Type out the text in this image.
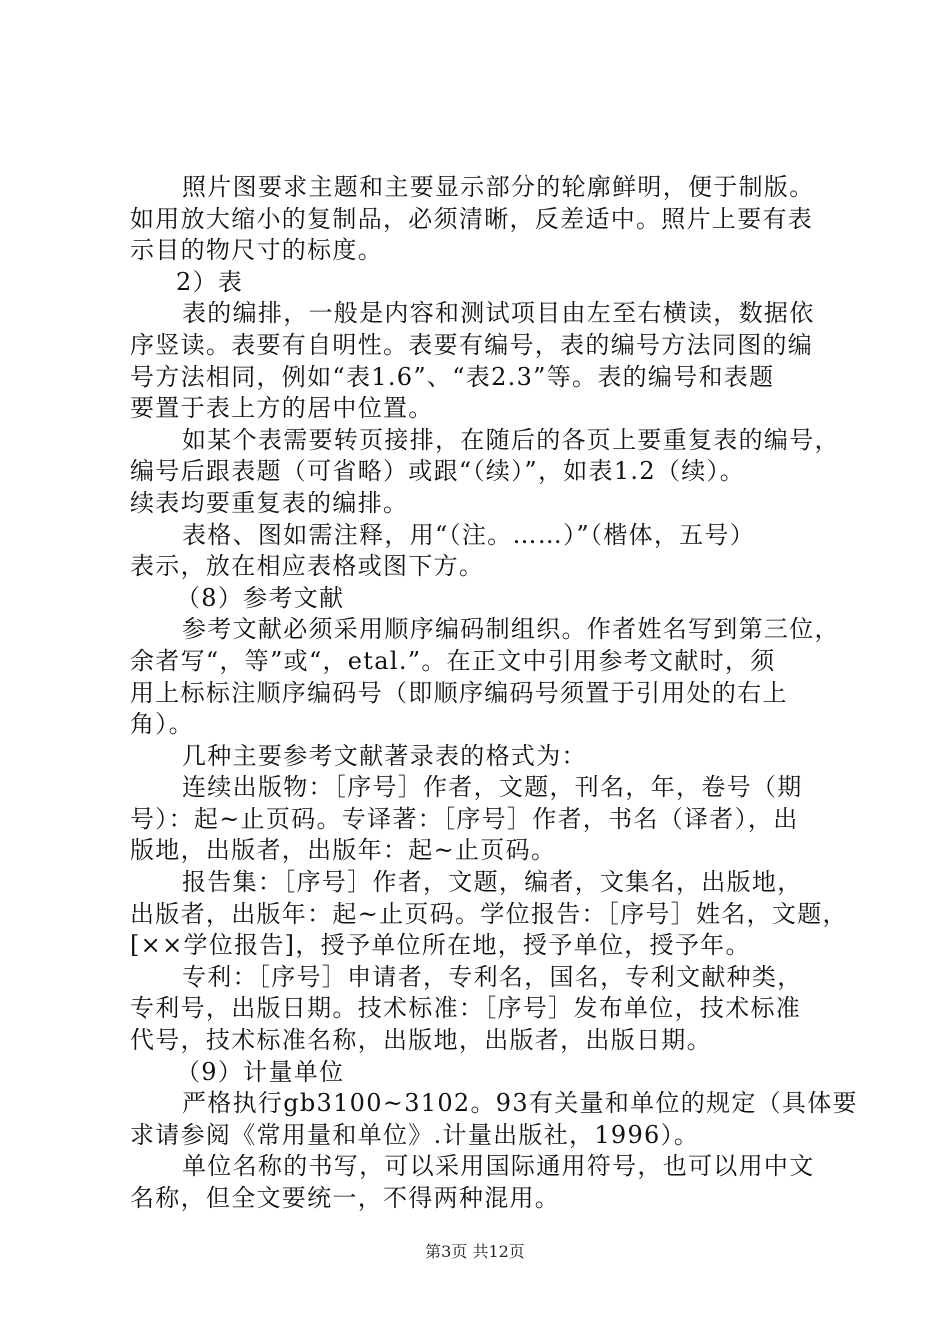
照片图要求主题和主要显示部分的轮廓鲜明，便于制版。
如用放大缩小的复制品，必须清晰，反差适中。照片上要有表
示目的物尺寸的标度。
2）表
表的编排，一般是内容和测试项目由左至右横读，数据依
序竖读。表要有自明性。表要有编号，表的编号方法同图的编
号方法相同，例如“表1.6”、“表2.3”等。表的编号和表题
要置于表上方的居中位置。
如某个表需要转页接排，在随后的各页上要重复表的编号，
编号后跟表题（可省略）或跟“（续）”，如表1.2（续）。
续表均要重复表的编排。
表格、图如需注释，用“（注。……）”（楷体，五号）
表示，放在相应表格或图下方。
（8）参考文献
参考文献必须采用顺序编码制组织。作者姓名写到第三位，
余者写“，等”或“，etal.”。在正文中引用参考文献时，须
用上标标注顺序编码号（即顺序编码号须置于引用处的右上
角）。
几种主要参考文献著录表的格式为：
连续出版物：［序号］作者，文题，刊名，年，卷号（期
号）：起~止页码。专译著：［序号］作者，书名（译者），出
版地，出版者，出版年：起~止页码。
报告集：［序号］作者，文题，编者，文集名，出版地，
出版者，出版年：起~止页码。学位报告：［序号］姓名，文题，
[××学位报告]，授予单位所在地，授予单位，授予年。
专利：［序号］申请者，专利名，国名，专利文献种类，
专利号，出版日期。技术标准：［序号］发布单位，技术标准
代号，技术标准名称，出版地，出版者，出版日期。
（9）计量单位
严格执行gb3100~3102。93有关量和单位的规定（具体要
求请参阅《常用量和单位》.计量出版社，1996）。
单位名称的书写，可以采用国际通用符号，也可以用中文
名称，但全文要统一，不得两种混用。
第3页 共12页
